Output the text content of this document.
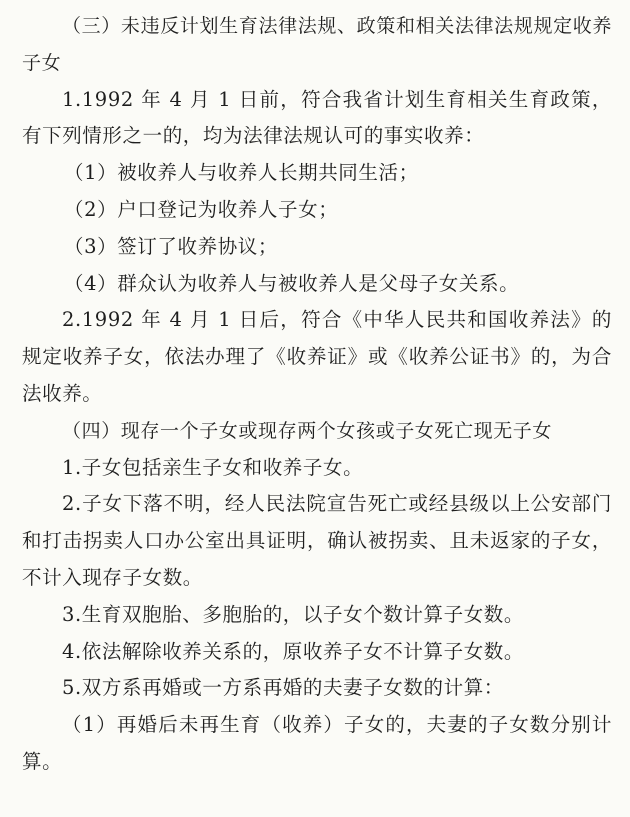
（三）未违反计划生育法律法规、政策和相关法律法规规定收养子女

1.1992 年 4 月 1 日前，符合我省计划生育相关生育政策，有下列情形之一的，均为法律法规认可的事实收养：

（1）被收养人与收养人长期共同生活；

（2）户口登记为收养人子女；

（3）签订了收养协议；

（4）群众认为收养人与被收养人是父母子女关系。

2.1992 年 4 月 1 日后，符合《中华人民共和国收养法》的规定收养子女，依法办理了《收养证》或《收养公证书》的，为合法收养。

（四）现存一个子女或现存两个女孩或子女死亡现无子女

1.子女包括亲生子女和收养子女。

2.子女下落不明，经人民法院宣告死亡或经县级以上公安部门和打击拐卖人口办公室出具证明，确认被拐卖、且未返家的子女，不计入现存子女数。

3.生育双胞胎、多胞胎的，以子女个数计算子女数。

4.依法解除收养关系的，原收养子女不计算子女数。

5.双方系再婚或一方系再婚的夫妻子女数的计算：

（1）再婚后未再生育（收养）子女的，夫妻的子女数分别计算。
